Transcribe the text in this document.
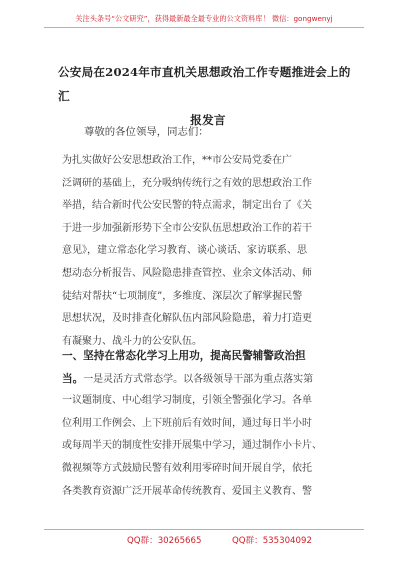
关注头条号“公文研究”，获得最新最全最专业的公文资料库！ 微信：gongwenyj
公安局在2024年市直机关思想政治工作专题推进会上的汇
报发言
尊敬的各位领导，同志们：
为扎实做好公安思想政治工作，**市公安局党委在广
泛调研的基础上，充分吸纳传统行之有效的思想政治工作
举措，结合新时代公安民警的特点需求，制定出台了《关
于进一步加强新形势下全市公安队伍思想政治工作的若干
意见》，建立常态化学习教育、谈心谈话、家访联系、思
想动态分析报告、风险隐患排查管控、业余文体活动、师
徒结对帮扶“七项制度”，多维度、深层次了解掌握民警
思想状况，及时排查化解队伍内部风险隐患，着力打造更
有凝聚力、战斗力的公安队伍。
一、坚持在常态化学习上用功，提高民警辅警政治担
当。一是灵活方式常态学。以各级领导干部为重点落实第
一议题制度、中心组学习制度，引领全警强化学习。各单
位利用工作例会、上下班前后有效时间，通过每日半小时
或每周半天的制度性安排开展集中学习，通过制作小卡片、
微视频等方式鼓励民警有效利用零碎时间开展自学，依托
各类教育资源广泛开展革命传统教育、爱国主义教育、警
QQ群：30265665	QQ群：535304092
